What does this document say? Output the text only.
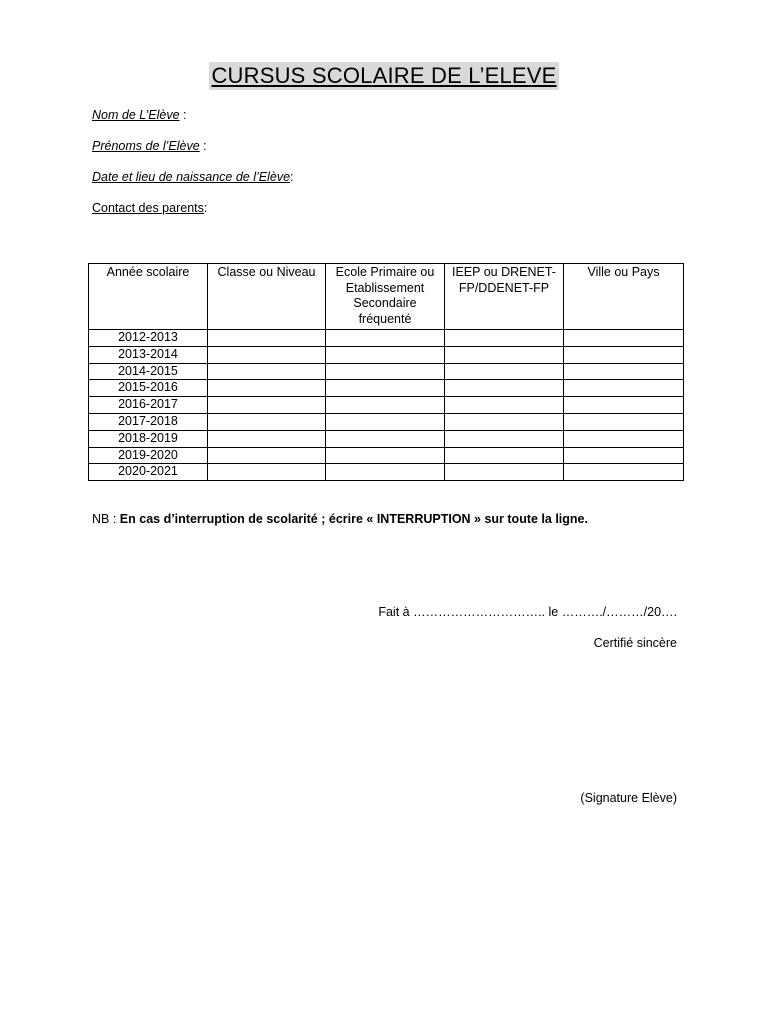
CURSUS SCOLAIRE DE L’ELEVE
Nom de L’Elève :
Prénoms de l’Elève :
Date et lieu de naissance de l’Elève:
Contact des parents:
Année scolaire	Classe ou Niveau	Ecole Primaire ou Etablissement Secondaire fréquenté	IEEP ou DRENET-FP/DDENET-FP	Ville ou Pays
2012-2013				
2013-2014				
2014-2015				
2015-2016				
2016-2017				
2017-2018				
2018-2019				
2019-2020				
2020-2021				
NB : En cas d’interruption de scolarité ; écrire « INTERRUPTION » sur toute la ligne.
Fait à ………………………….. le ………./………/20….
Certifié sincère
(Signature Elève)
